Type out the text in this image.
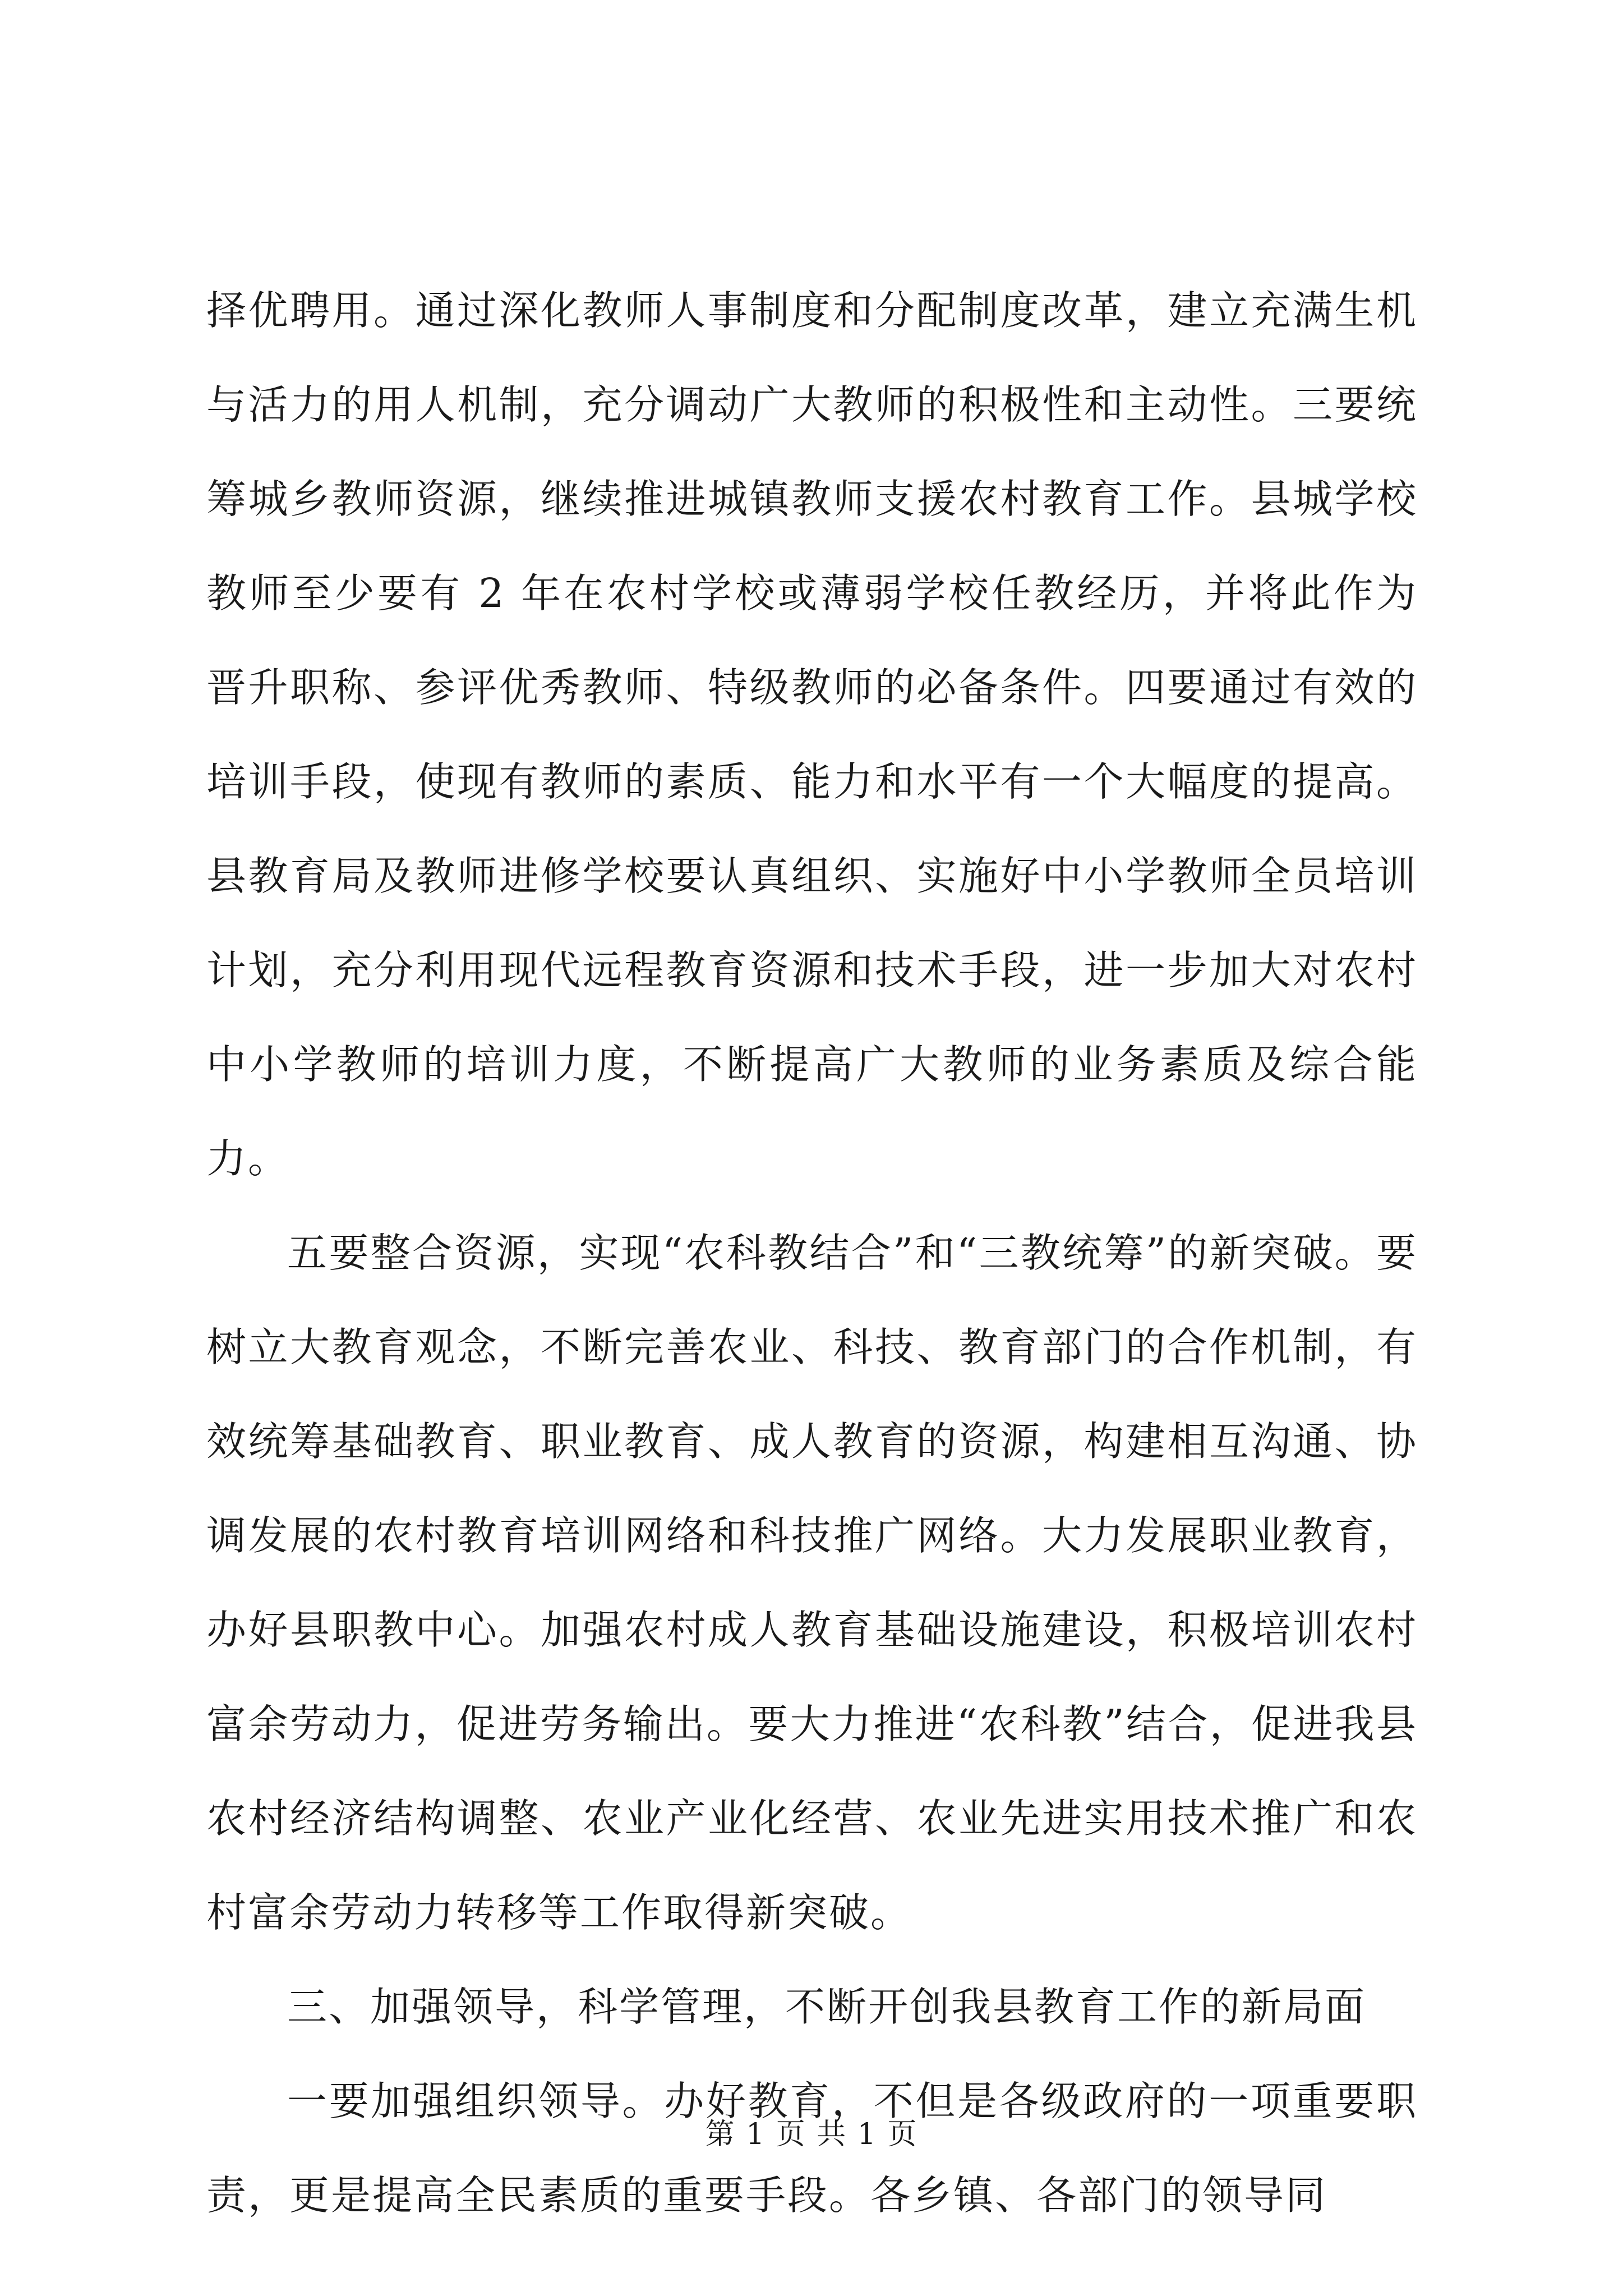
择优聘用。通过深化教师人事制度和分配制度改革，建立充满生机与活力的用人机制，充分调动广大教师的积极性和主动性。三要统筹城乡教师资源，继续推进城镇教师支援农村教育工作。县城学校教师至少要有 2 年在农村学校或薄弱学校任教经历，并将此作为晋升职称、参评优秀教师、特级教师的必备条件。四要通过有效的培训手段，使现有教师的素质、能力和水平有一个大幅度的提高。县教育局及教师进修学校要认真组织、实施好中小学教师全员培训计划，充分利用现代远程教育资源和技术手段，进一步加大对农村中小学教师的培训力度，不断提高广大教师的业务素质及综合能力。

五要整合资源，实现“农科教结合”和“三教统筹”的新突破。要树立大教育观念，不断完善农业、科技、教育部门的合作机制，有效统筹基础教育、职业教育、成人教育的资源，构建相互沟通、协调发展的农村教育培训网络和科技推广网络。大力发展职业教育，办好县职教中心。加强农村成人教育基础设施建设，积极培训农村富余劳动力，促进劳务输出。要大力推进“农科教”结合，促进我县农村经济结构调整、农业产业化经营、农业先进实用技术推广和农村富余劳动力转移等工作取得新突破。

三、加强领导，科学管理，不断开创我县教育工作的新局面

一要加强组织领导。办好教育，不但是各级政府的一项重要职责，更是提高全民素质的重要手段。各乡镇、各部门的领导同

第 1 页 共 1 页
